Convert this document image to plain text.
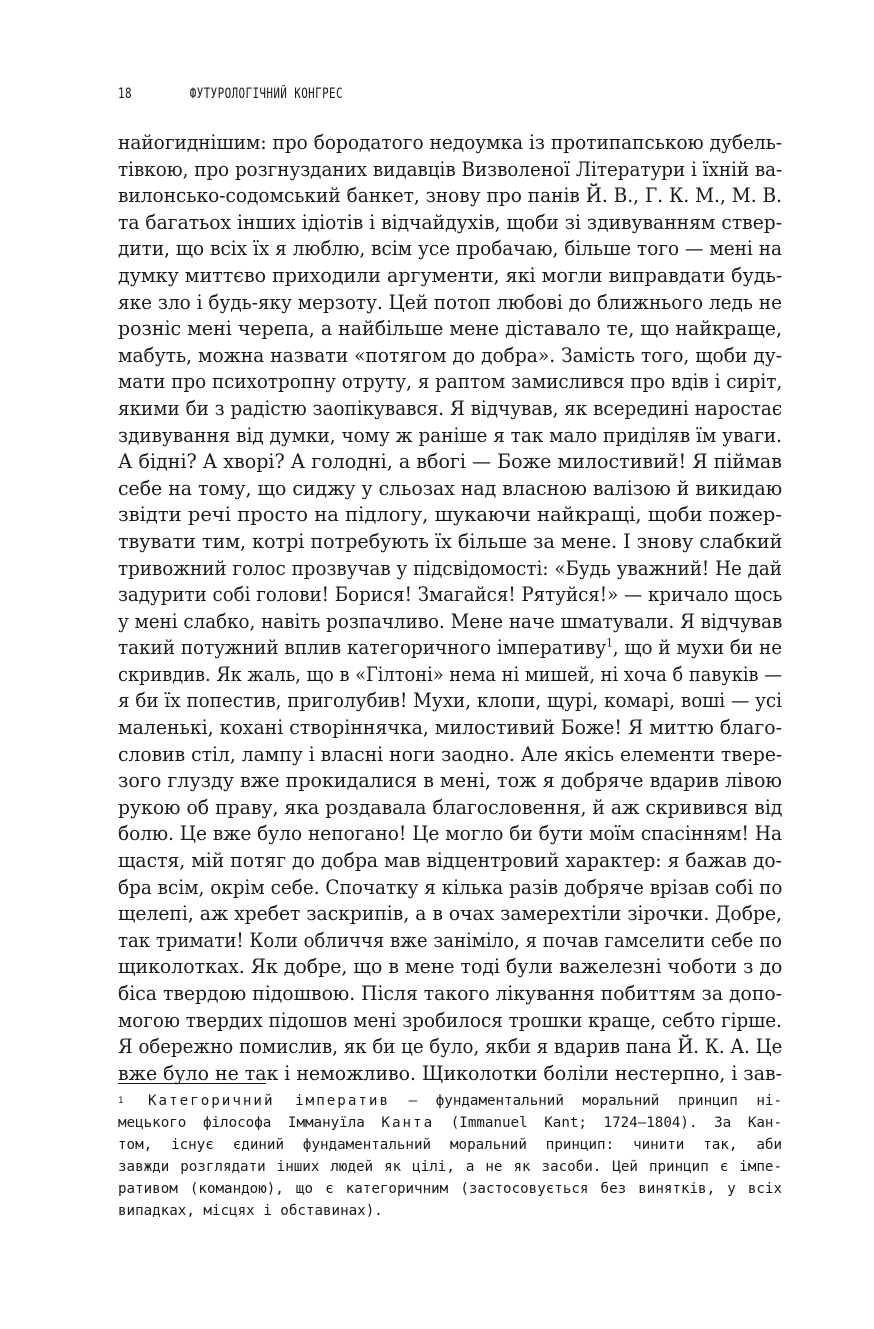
18	ФУТУРОЛОГІЧНИЙ КОНГРЕС
найогиднішим: про бородатого недоумка із протипапською дубель-
тівкою, про розгнузданих видавців Визволеної Літератури і їхній ва-
вилонсько-содомський банкет, знову про панів Й. В., Г. К. М., М. В.
та багатьох інших ідіотів і відчайдухів, щоби зі здивуванням ствер-
дити, що всіх їх я люблю, всім усе пробачаю, більше того — мені на
думку миттєво приходили аргументи, які могли виправдати будь-
яке зло і будь-яку мерзоту. Цей потоп любові до ближнього ледь не
розніс мені черепа, а найбільше мене діставало те, що найкраще,
мабуть, можна назвати «потягом до добра». Замість того, щоби ду-
мати про психотропну отруту, я раптом замислився про вдів і сиріт,
якими би з радістю заопікувався. Я відчував, як всередині наростає
здивування від думки, чому ж раніше я так мало приділяв їм уваги.
А бідні? А хворі? А голодні, а вбогі — Боже милостивий! Я піймав
себе на тому, що сиджу у сльозах над власною валізою й викидаю
звідти речі просто на підлогу, шукаючи найкращі, щоби пожер-
твувати тим, котрі потребують їх більше за мене. І знову слабкий
тривожний голос прозвучав у підсвідомості: «Будь уважний! Не дай
задурити собі голови! Борися! Змагайся! Рятуйся!» — кричало щось
у мені слабко, навіть розпачливо. Мене наче шматували. Я відчував
такий потужний вплив категоричного імперативу$^1$, що й мухи би не
скривдив. Як жаль, що в «Гілтоні» нема ні мишей, ні хоча б павуків —
я би їх попестив, приголубив! Мухи, клопи, щурі, комарі, воші — усі
маленькі, кохані створіннячка, милостивий Боже! Я миттю благо-
словив стіл, лампу і власні ноги заодно. Але якісь елементи твере-
зого глузду вже прокидалися в мені, тож я добряче вдарив лівою
рукою об праву, яка роздавала благословення, й аж скривився від
болю. Це вже було непогано! Це могло би бути моїм спасінням! На
щастя, мій потяг до добра мав відцентровий характер: я бажав до-
бра всім, окрім себе. Спочатку я кілька разів добряче врізав собі по
щелепі, аж хребет заскрипів, а в очах замерехтіли зірочки. Добре,
так тримати! Коли обличчя вже заніміло, я почав гамселити себе по
щиколотках. Як добре, що в мене тоді були важелезні чоботи з до
біса твердою підошвою. Після такого лікування побиттям за допо-
могою твердих підошов мені зробилося трошки краще, себто гірше.
Я обережно помислив, як би це було, якби я вдарив пана Й. К. А. Це
вже було не так і неможливо. Щиколотки боліли нестерпно, і зав-
1	Категоричний імператив — фундаментальний моральний принцип ні-
мецького філософа Іммануїла Канта (Immanuel Kant; 1724–1804). За Кан-
том, існує єдиний фундаментальний моральний принцип: чинити так, аби
завжди розглядати інших людей як цілі, а не як засоби. Цей принцип є імпе-
ративом (командою), що є категоричним (застосовується без винятків, у всіх
випадках, місцях і обставинах).
